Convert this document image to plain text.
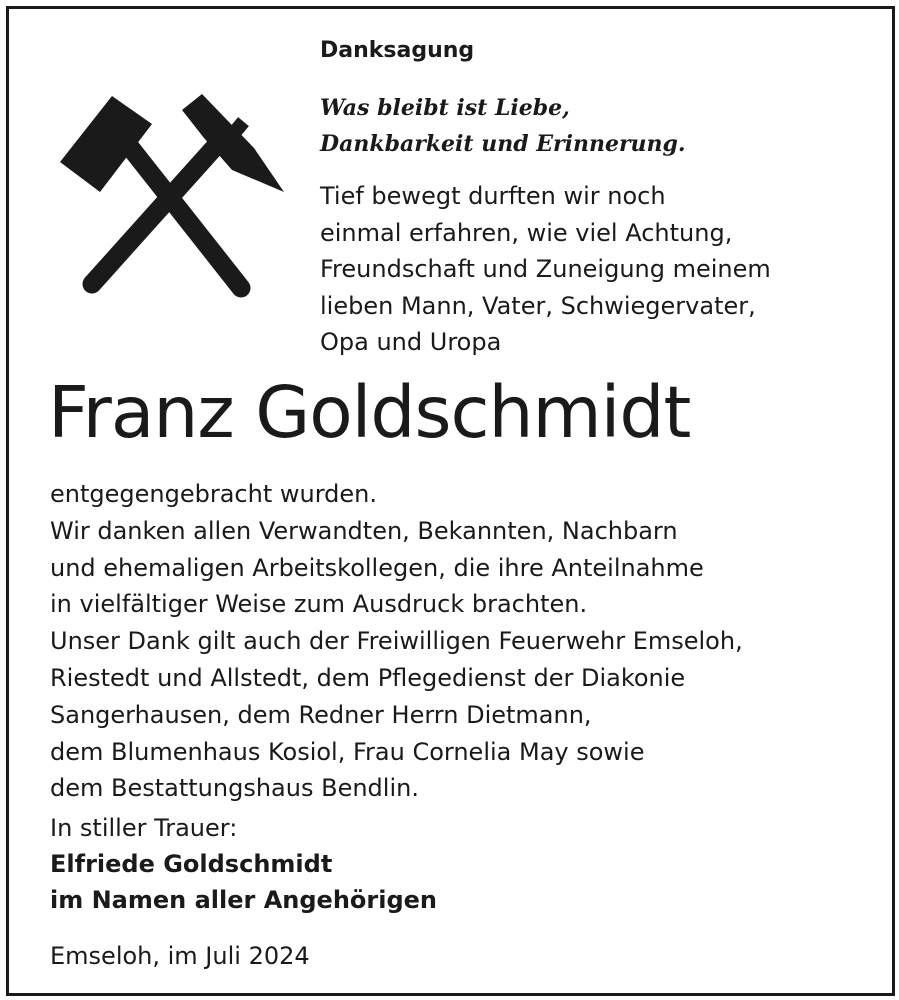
Danksagung
Was bleibt ist Liebe,
Dankbarkeit und Erinnerung.
Tief bewegt durften wir noch
einmal erfahren, wie viel Achtung,
Freundschaft und Zuneigung meinem
lieben Mann, Vater, Schwiegervater,
Opa und Uropa
Franz Goldschmidt
entgegengebracht wurden.
Wir danken allen Verwandten, Bekannten, Nachbarn
und ehemaligen Arbeitskollegen, die ihre Anteilnahme
in vielfältiger Weise zum Ausdruck brachten.
Unser Dank gilt auch der Freiwilligen Feuerwehr Emseloh,
Riestedt und Allstedt, dem Pflegedienst der Diakonie
Sangerhausen, dem Redner Herrn Dietmann,
dem Blumenhaus Kosiol, Frau Cornelia May sowie
dem Bestattungshaus Bendlin.
In stiller Trauer:
Elfriede Goldschmidt
im Namen aller Angehörigen
Emseloh, im Juli 2024
